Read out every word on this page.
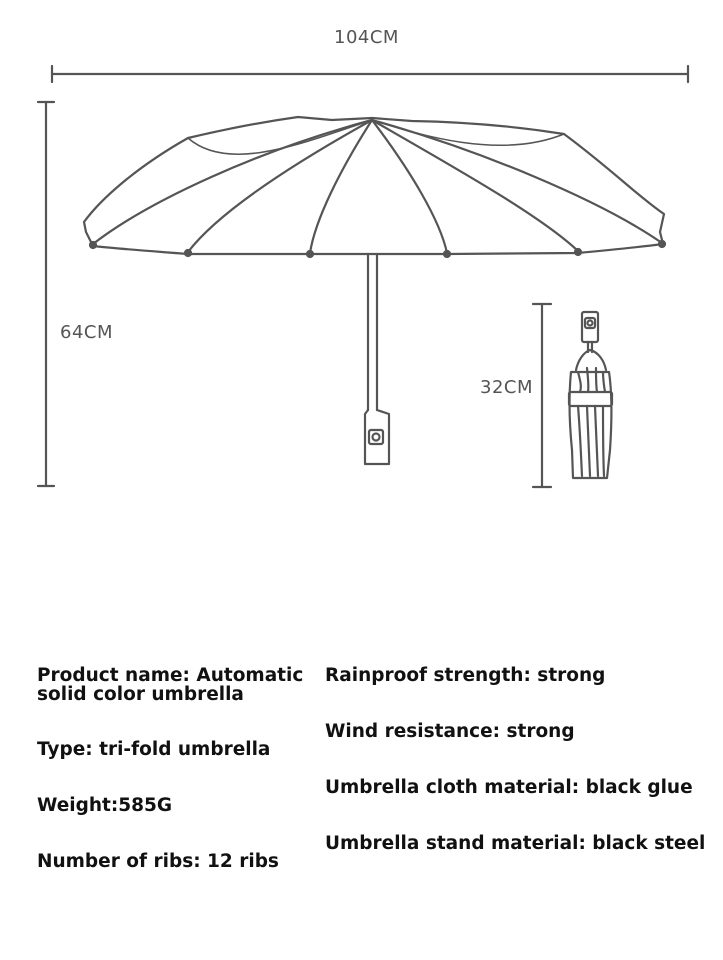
104CM
64CM
32CM
Product name: Automatic solid color umbrella
Type: tri-fold umbrella
Weight:585G
Number of ribs: 12 ribs
Rainproof strength: strong
Wind resistance: strong
Umbrella cloth material: black glue
Umbrella stand material: black steel
